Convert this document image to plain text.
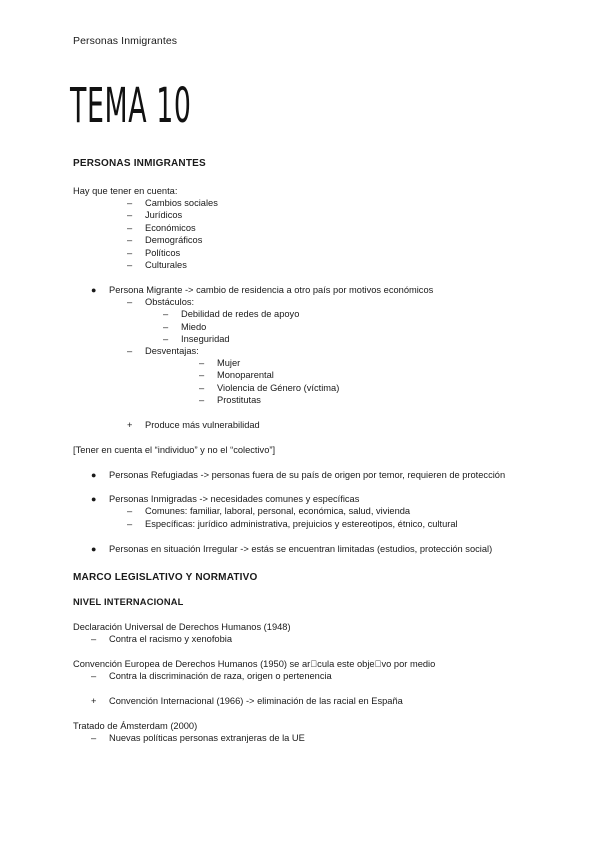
Personas Inmigrantes
TEMA 10
PERSONAS INMIGRANTES
Hay que tener en cuenta:
– Cambios sociales
– Jurídicos
– Económicos
– Demográficos
– Políticos
– Culturales
● Persona Migrante -> cambio de residencia a otro país por motivos económicos
– Obstáculos:
– Debilidad de redes de apoyo
– Miedo
– Inseguridad
– Desventajas:
– Mujer
– Monoparental
– Violencia de Género (víctima)
– Prostitutas
+ Produce más vulnerabilidad
[Tener en cuenta el “individuo” y no el “colectivo”]
● Personas Refugiadas -> personas fuera de su país de origen por temor, requieren de protección
● Personas Inmigradas -> necesidades comunes y específicas
– Comunes: familiar, laboral, personal, económica, salud, vivienda
– Específicas: jurídico administrativa, prejuicios y estereotipos, étnico, cultural
● Personas en situación Irregular -> estás se encuentran limitadas (estudios, protección social)
MARCO LEGISLATIVO Y NORMATIVO
NIVEL INTERNACIONAL
Declaración Universal de Derechos Humanos (1948)
– Contra el racismo y xenofobia
Convención Europea de Derechos Humanos (1950) se ar􏰀cula este obje􏰀vo por medio
– Contra la discriminación de raza, origen o pertenencia
+ Convención Internacional (1966) -> eliminación de las racial en España
Tratado de Ámsterdam (2000)
– Nuevas políticas personas extranjeras de la UE
